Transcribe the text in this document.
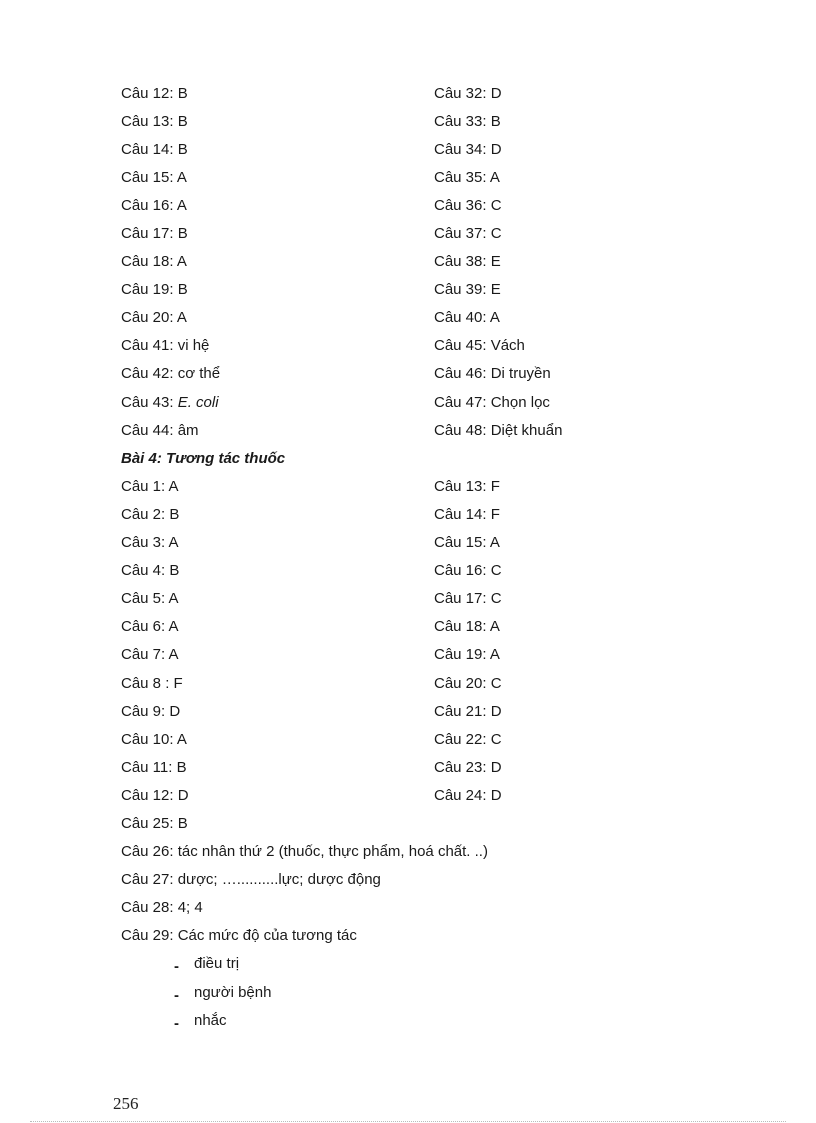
Câu 12: B	Câu 32: D
Câu 13: B	Câu 33: B
Câu 14: B	Câu 34: D
Câu 15: A	Câu 35: A
Câu 16: A	Câu 36: C
Câu 17: B	Câu 37: C
Câu 18: A	Câu 38: E
Câu 19: B	Câu 39: E
Câu 20: A	Câu 40: A
Câu 41: vi hệ	Câu 45: Vách
Câu 42: cơ thể	Câu 46: Di truyền
Câu 43: E. coli	Câu 47: Chọn lọc
Câu 44: âm	Câu 48: Diệt khuẩn
Bài 4: Tương tác thuốc
Câu 1: A	Câu 13: F
Câu 2: B	Câu 14: F
Câu 3: A	Câu 15: A
Câu 4: B	Câu 16: C
Câu 5: A	Câu 17: C
Câu 6: A	Câu 18: A
Câu 7: A	Câu 19: A
Câu 8 : F	Câu 20: C
Câu 9: D	Câu 21: D
Câu 10: A	Câu 22: C
Câu 11: B	Câu 23: D
Câu 12: D	Câu 24: D
Câu 25: B
Câu 26: tác nhân thứ 2 (thuốc, thực phẩm, hoá chất. ..)
Câu 27: dược; …..........lực; dược động
Câu 28: 4; 4
Câu 29: Các mức độ của tương tác
-	điều trị
-	người bệnh
-	nhắc
256
